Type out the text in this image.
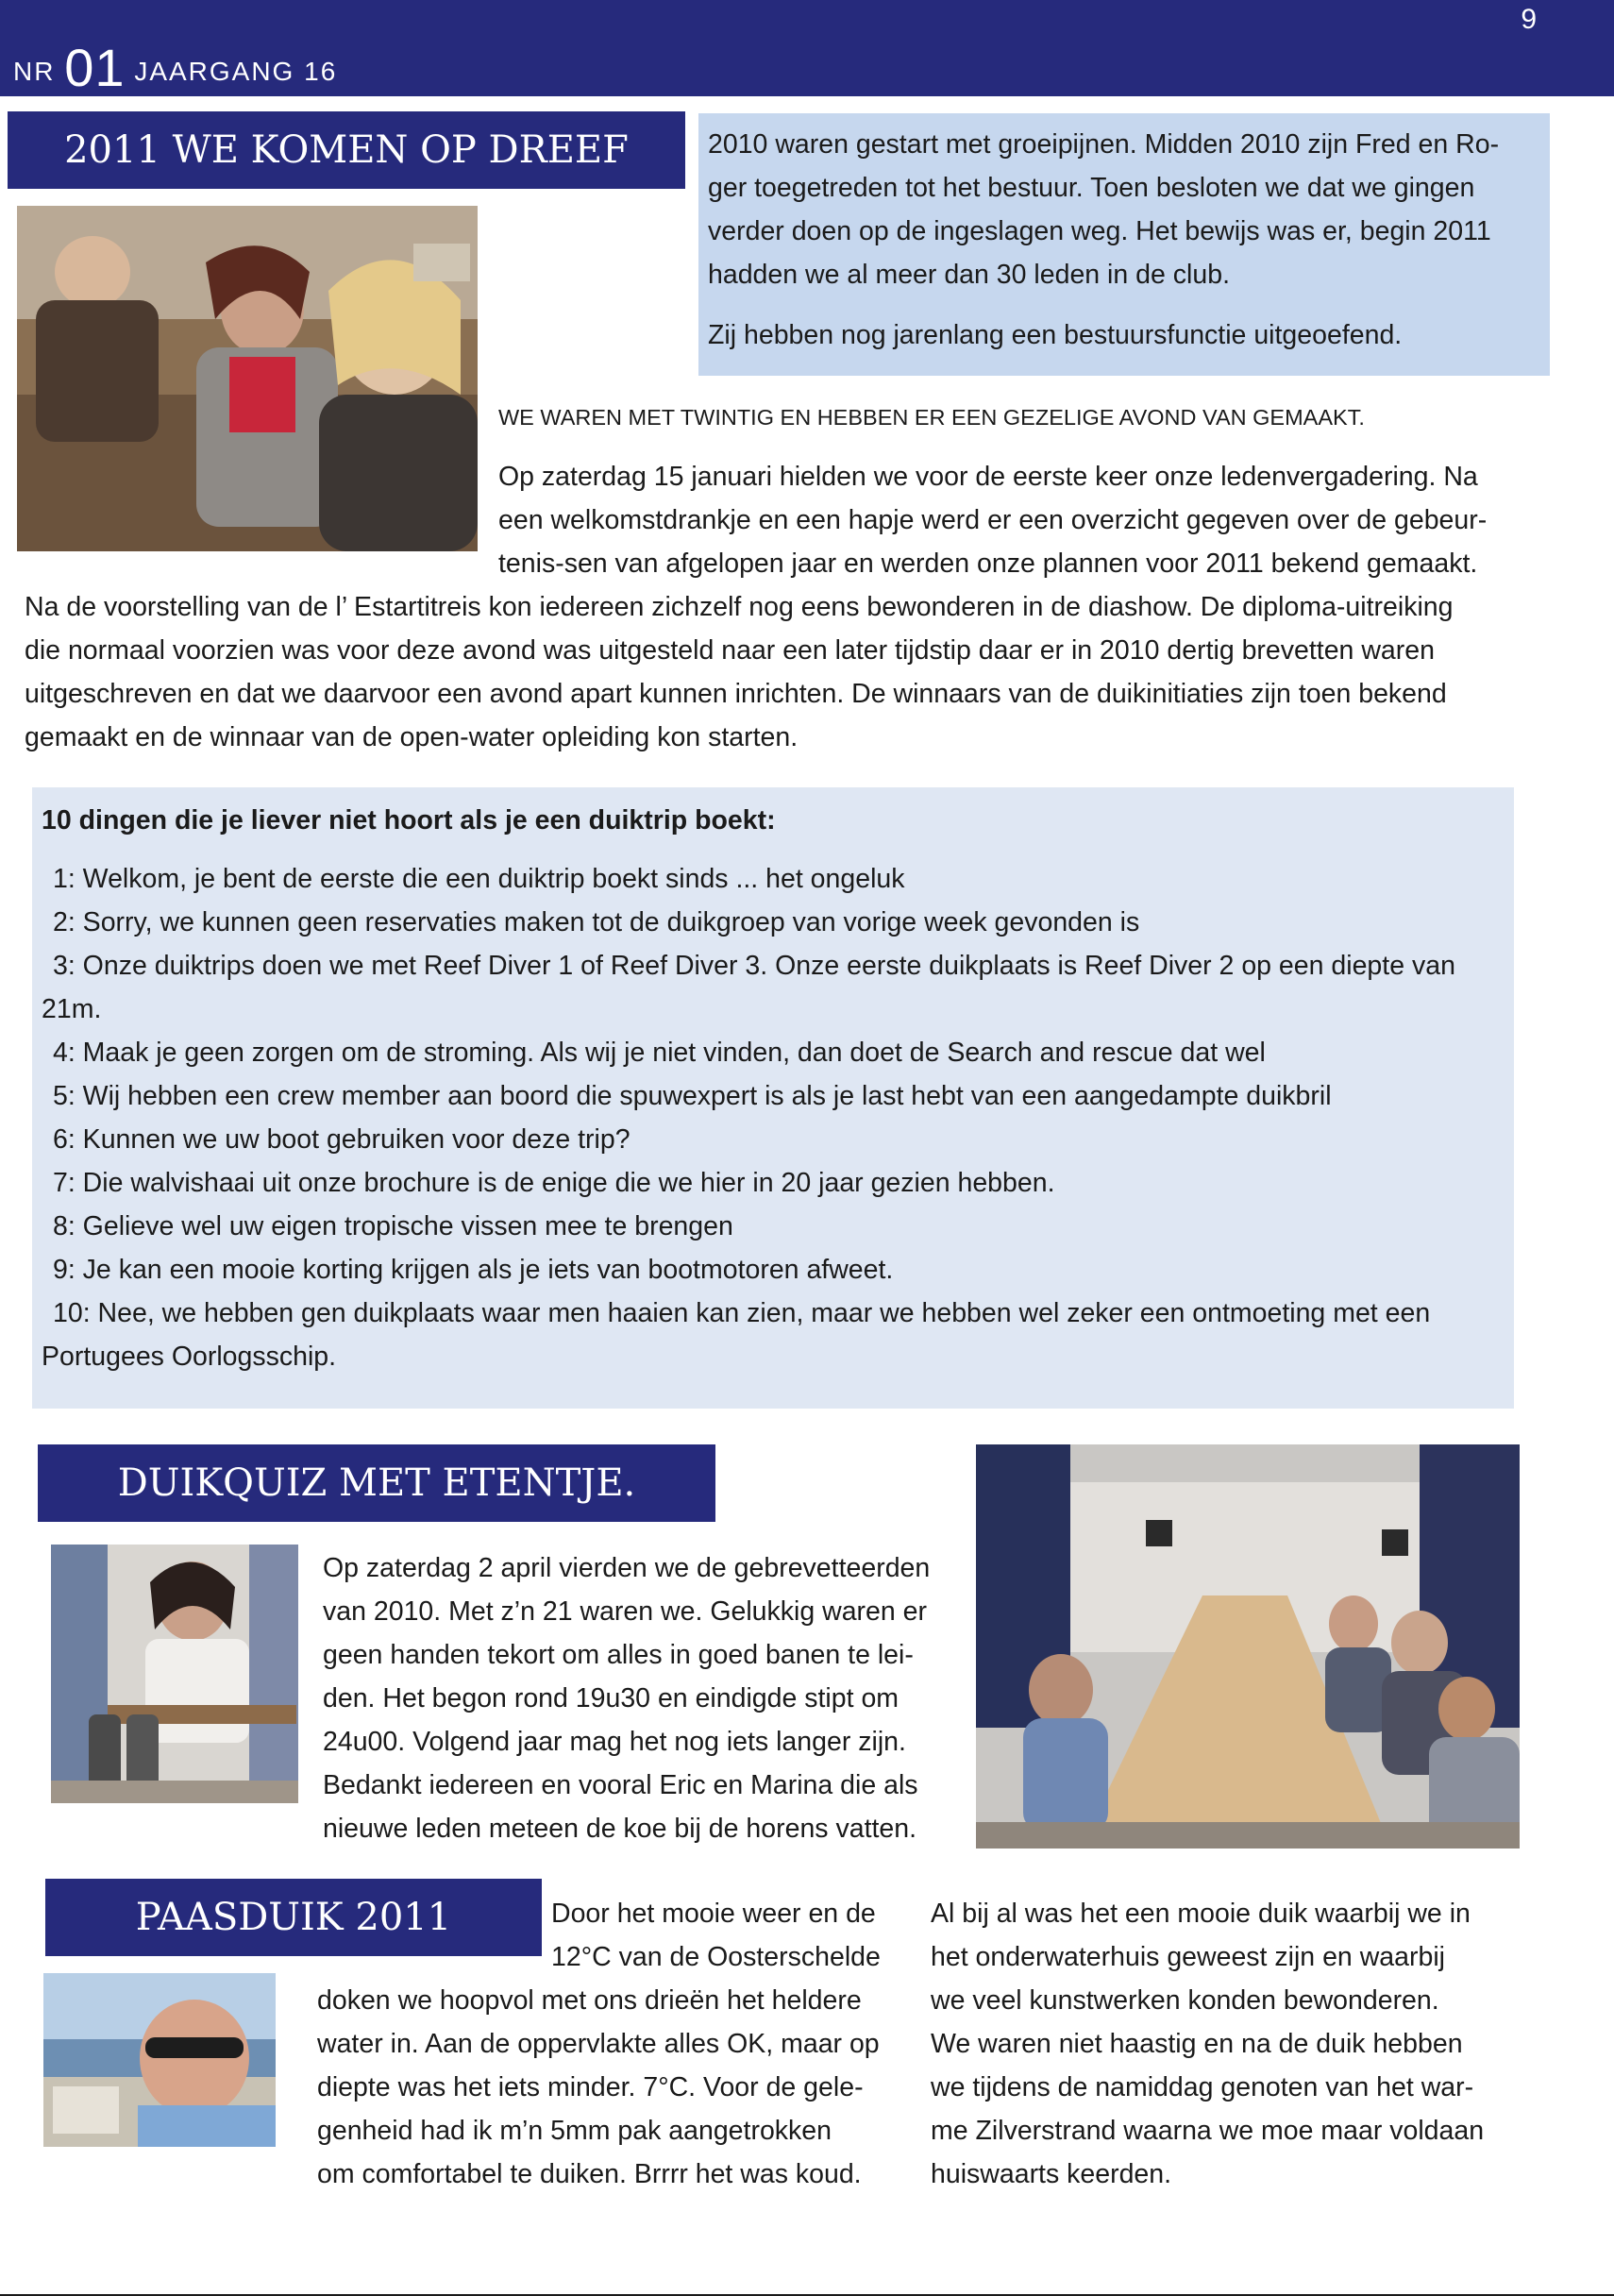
NR 01 JAARGANG 16
9
2011 WE KOMEN OP DREEF	2010 waren gestart met groeipijnen. Midden 2010 zijn Fred en Ro-
ger toegetreden tot het bestuur. Toen besloten we dat we gingen
verder doen op de ingeslagen weg. Het bewijs was er, begin 2011
hadden we al meer dan 30 leden in de club.

Zij hebben nog jarenlang een bestuursfunctie uitgeoefend.

WE WAREN MET TWINTIG EN HEBBEN ER EEN GEZELIGE AVOND VAN GEMAAKT.
Op zaterdag 15 januari hielden we voor de eerste keer onze ledenvergadering. Na
een welkomstdrankje en een hapje werd er een overzicht gegeven over de gebeur-
tenis-sen van afgelopen jaar en werden onze plannen voor 2011 bekend gemaakt.
Na de voorstelling van de l’ Estartitreis kon iedereen zichzelf nog eens bewonderen in de diashow. De diploma-uitreiking
die normaal voorzien was voor deze avond was uitgesteld naar een later tijdstip daar er in 2010 dertig brevetten waren
uitgeschreven en dat we daarvoor een avond apart kunnen inrichten. De winnaars van de duikinitiaties zijn toen bekend
gemaakt en de winnaar van de open-water opleiding kon starten.
10 dingen die je liever niet hoort als je een duiktrip boekt:
1: Welkom, je bent de eerste die een duiktrip boekt sinds ... het ongeluk
2: Sorry, we kunnen geen reservaties maken tot de duikgroep van vorige week gevonden is
3: Onze duiktrips doen we met Reef Diver 1 of Reef Diver 3. Onze eerste duikplaats is Reef Diver 2 op een diepte van
21m.
4: Maak je geen zorgen om de stroming. Als wij je niet vinden, dan doet de Search and rescue dat wel
5: Wij hebben een crew member aan boord die spuwexpert is als je last hebt van een aangedampte duikbril
6: Kunnen we uw boot gebruiken voor deze trip?
7: Die walvishaai uit onze brochure is de enige die we hier in 20 jaar gezien hebben.
8: Gelieve wel uw eigen tropische vissen mee te brengen
9: Je kan een mooie korting krijgen als je iets van bootmotoren afweet.
10: Nee, we hebben gen duikplaats waar men haaien kan zien, maar we hebben wel zeker een ontmoeting met een
Portugees Oorlogsschip.
DUIKQUIZ MET ETENTJE.
Op zaterdag 2 april vierden we de gebrevetteerden
van 2010. Met z’n 21 waren we. Gelukkig waren er
geen handen tekort om alles in goed banen te lei-
den. Het begon rond 19u30 en eindigde stipt om
24u00. Volgend jaar mag het nog iets langer zijn.
Bedankt iedereen en vooral Eric en Marina die als
nieuwe leden meteen de koe bij de horens vatten.
PAASDUIK 2011	Door het mooie weer en de
12°C van de Oosterschelde
doken we hoopvol met ons drieën het heldere
water in. Aan de oppervlakte alles OK, maar op
diepte was het iets minder. 7°C. Voor de gele-
genheid had ik m’n 5mm pak aangetrokken
om comfortabel te duiken. Brrrr het was koud.
Al bij al was het een mooie duik waarbij we in
het onderwaterhuis geweest zijn en waarbij
we veel kunstwerken konden bewonderen.
We waren niet haastig en na de duik hebben
we tijdens de namiddag genoten van het war-
me Zilverstrand waarna we moe maar voldaan
huiswaarts keerden.
